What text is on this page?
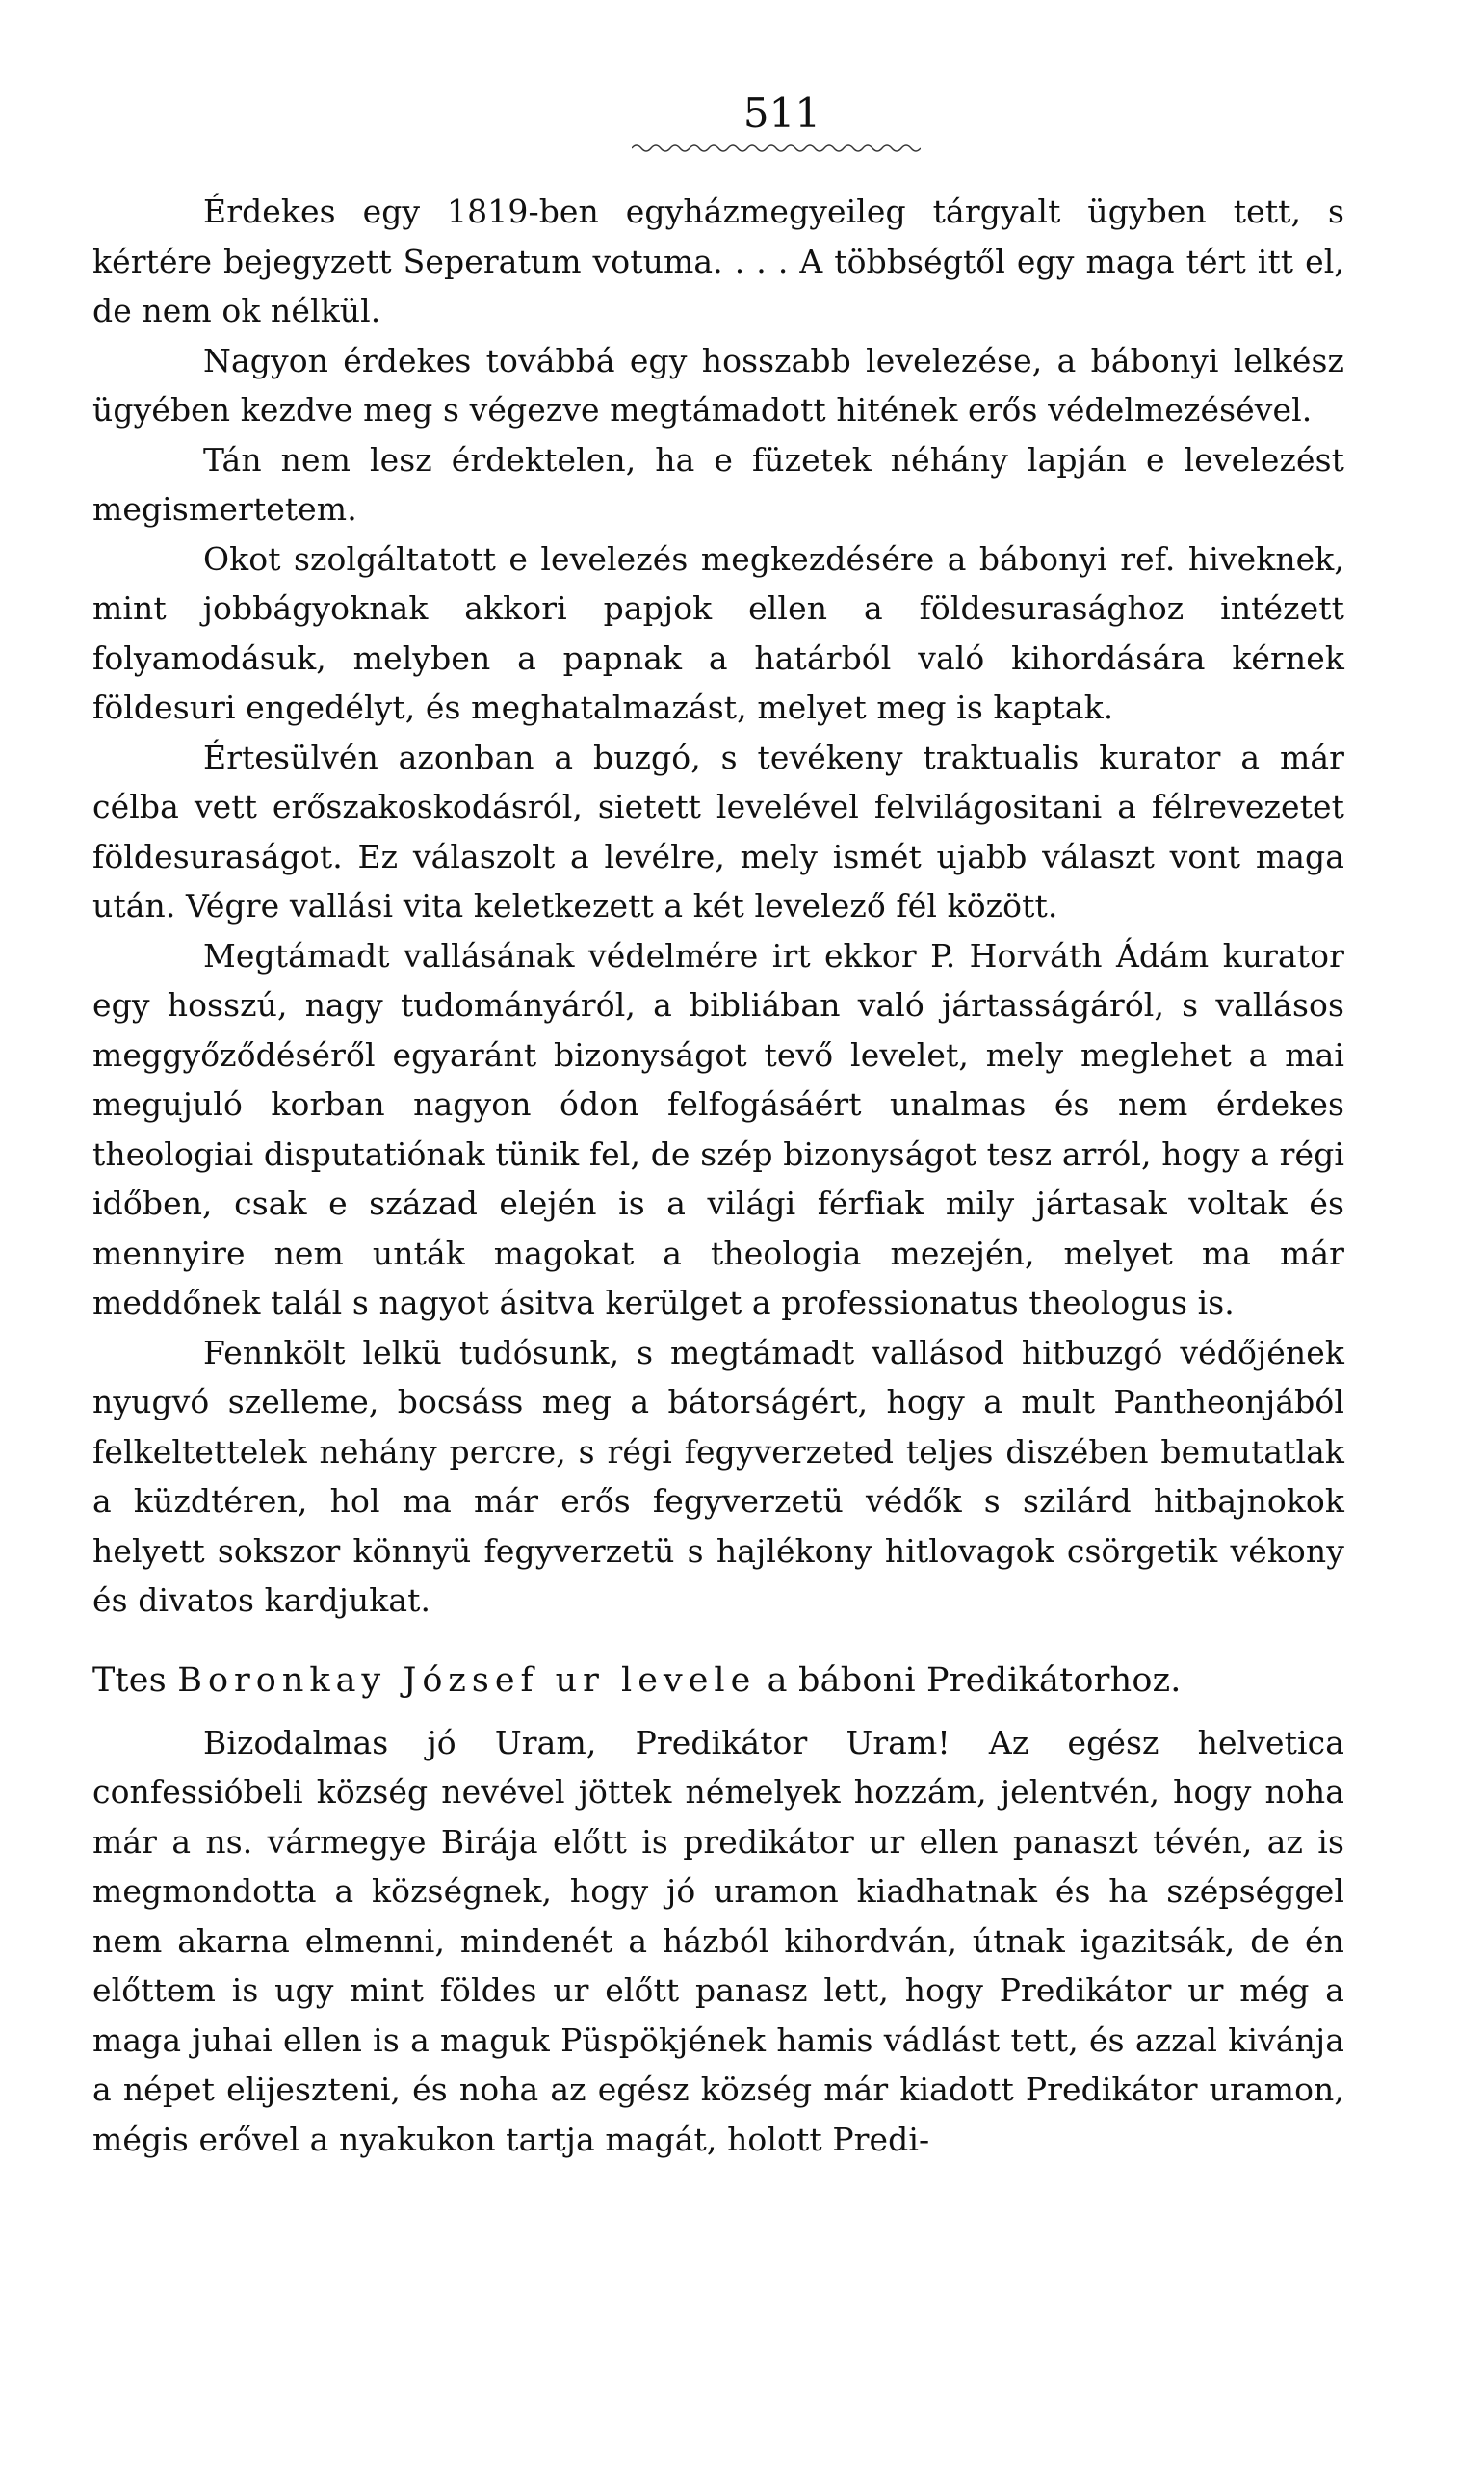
511

Érdekes egy 1819-ben egyházmegyeileg tárgyalt ügyben tett, s kértére bejegyzett Seperatum votuma. . . . A többségtől egy maga tért itt el, de nem ok nélkül.

Nagyon érdekes továbbá egy hosszabb levelezése, a bábonyi lelkész ügyében kezdve meg s végezve megtámadott hitének erős védelmezésével.

Tán nem lesz érdektelen, ha e füzetek néhány lapján e levelezést megismertetem.

Okot szolgáltatott e levelezés megkezdésére a bábonyi ref. hiveknek, mint jobbágyoknak akkori papjok ellen a földesurasághoz intézett folyamodásuk, melyben a papnak a határból való kihordására kérnek földesuri engedélyt, és meghatalmazást, melyet meg is kaptak.

Értesülvén azonban a buzgó, s tevékeny traktualis kurator a már célba vett erőszakoskodásról, sietett levelével felvilágositani a félrevezetet földesuraságot. Ez válaszolt a levélre, mely ismét ujabb választ vont maga után. Végre vallási vita keletkezett a két levelező fél között.

Megtámadt vallásának védelmére irt ekkor P. Horváth Ádám kurator egy hosszú, nagy tudományáról, a bibliában való jártasságáról, s vallásos meggyőződéséről egyaránt bizonyságot tevő levelet, mely meglehet a mai megujuló korban nagyon ódon felfogásáért unalmas és nem érdekes theologiai disputatiónak tünik fel, de szép bizonyságot tesz arról, hogy a régi időben, csak e század elején is a világi férfiak mily jártasak voltak és mennyire nem unták magokat a theologia mezején, melyet ma már meddőnek talál s nagyot ásitva kerülget a professionatus theologus is.

Fennkölt lelkü tudósunk, s megtámadt vallásod hitbuzgó védőjének nyugvó szelleme, bocsáss meg a bátorságért, hogy a mult Pantheonjából felkeltettelek nehány percre, s régi fegyverzeted teljes diszében bemutatlak a küzdtéren, hol ma már erős fegyverzetü védők s szilárd hitbajnokok helyett sokszor könnyü fegyverzetü s hajlékony hitlovagok csörgetik vékony és divatos kardjukat.

Ttes Boronkay József ur levele a báboni Predikátorhoz.

Bizodalmas jó Uram, Predikátor Uram! Az egész helvetica confessióbeli község nevével jöttek némelyek hozzám, jelentvén, hogy noha már a ns. vármegye Birája előtt is predikátor ur ellen panaszt tévén, az is megmondotta a községnek, hogy jó uramon kiadhatnak és ha szépséggel nem akarna elmenni, mindenét a házból kihordván, útnak igazitsák, de én előttem is ugy mint földes ur előtt panasz lett, hogy Predikátor ur még a maga juhai ellen is a maguk Püspökjének hamis vádlást tett, és azzal kivánja a népet elijeszteni, és noha az egész község már kiadott Predikátor uramon, mégis erővel a nyakukon tartja magát, holott Predi-
